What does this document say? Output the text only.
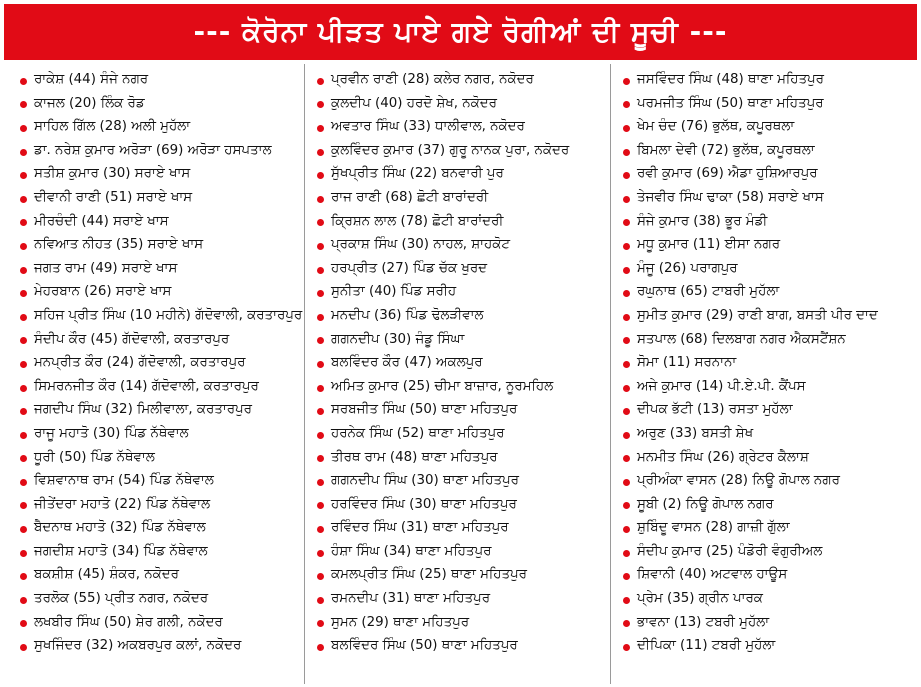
--- ਕੋਰੋਨਾ ਪੀੜਤ ਪਾਏ ਗਏ ਰੋਗੀਆਂ ਦੀ ਸੂਚੀ ---
ਰਾਕੇਸ਼ (44) ਸੰਜੇ ਨਗਰ
ਕਾਜਲ (20) ਲਿੰਕ ਰੋਡ
ਸਾਹਿਲ ਗਿੱਲ (28) ਅਲੀ ਮੁਹੱਲਾ
ਡਾ. ਨਰੇਸ਼ ਕੁਮਾਰ ਅਰੋੜਾ (69) ਅਰੋੜਾ ਹਸਪਤਾਲ
ਸਤੀਸ਼ ਕੁਮਾਰ (30) ਸਰਾਏ ਖਾਸ
ਦੀਵਾਨੀ ਰਾਣੀ (51) ਸਰਾਏ ਖਾਸ
ਮੀਰਚੰਦੀ (44) ਸਰਾਏ ਖਾਸ
ਨਵਿਆਤ ਨੀਹਤ (35) ਸਰਾਏ ਖਾਸ
ਜਗਤ ਰਾਮ (49) ਸਰਾਏ ਖਾਸ
ਮੇਹਰਬਾਨ (26) ਸਰਾਏ ਖਾਸ
ਸਹਿਜ ਪ੍ਰੀਤ ਸਿੰਘ (10 ਮਹੀਨੇ) ਗੱਦੋਵਾਲੀ, ਕਰਤਾਰਪੁਰ
ਸੰਦੀਪ ਕੌਰ (45) ਗੱਦੋਵਾਲੀ, ਕਰਤਾਰਪੁਰ
ਮਨਪ੍ਰੀਤ ਕੌਰ (24) ਗੱਦੋਵਾਲੀ, ਕਰਤਾਰਪੁਰ
ਸਿਮਰਨਜੀਤ ਕੌਰ (14) ਗੱਦੋਵਾਲੀ, ਕਰਤਾਰਪੁਰ
ਜਗਦੀਪ ਸਿੰਘ (32) ਮਿਲੀਵਾਲਾ, ਕਰਤਾਰਪੁਰ
ਰਾਜੂ ਮਹਾਤੋ (30) ਪਿੰਡ ਨੱਥੇਵਾਲ
ਧੂਰੀ (50) ਪਿੰਡ ਨੱਥੇਵਾਲ
ਵਿਸ਼ਵਾਨਾਥ ਰਾਮ (54) ਪਿੰਡ ਨੱਥੇਵਾਲ
ਜੀਤੇਂਦਰਾ ਮਹਾਤੋ (22) ਪਿੰਡ ਨੱਥੇਵਾਲ
ਬੈਦਨਾਥ ਮਹਾਤੋ (32) ਪਿੰਡ ਨੱਥੇਵਾਲ
ਜਗਦੀਸ਼ ਮਹਾਤੋ (34) ਪਿੰਡ ਨੱਥੇਵਾਲ
ਬਕਸ਼ੀਸ਼ (45) ਸ਼ੰਕਰ, ਨਕੋਦਰ
ਤਰਲੋਕ (55) ਪ੍ਰੀਤ ਨਗਰ, ਨਕੋਦਰ
ਲਖਬੀਰ ਸਿੰਘ (50) ਸ਼ੇਰ ਗਲੀ, ਨਕੋਦਰ
ਸੁਖਜਿੰਦਰ (32) ਅਕਬਰਪੁਰ ਕਲਾਂ, ਨਕੋਦਰ
ਪ੍ਰਵੀਨ ਰਾਣੀ (28) ਕਲੇਰ ਨਗਰ, ਨਕੋਦਰ
ਕੁਲਦੀਪ (40) ਹਰਦੋ ਸ਼ੇਖ, ਨਕੋਦਰ
ਅਵਤਾਰ ਸਿੰਘ (33) ਧਾਲੀਵਾਲ, ਨਕੋਦਰ
ਕੁਲਵਿੰਦਰ ਕੁਮਾਰ (37) ਗੁਰੂ ਨਾਨਕ ਪੁਰਾ, ਨਕੋਦਰ
ਸੁੱਖਪ੍ਰੀਤ ਸਿੰਘ (22) ਬਨਵਾਰੀ ਪੁਰ
ਰਾਜ ਰਾਣੀ (68) ਛੋਟੀ ਬਾਰਾਂਦਰੀ
ਕ੍ਰਿਸ਼ਨ ਲਾਲ (78) ਛੋਟੀ ਬਾਰਾਂਦਰੀ
ਪ੍ਰਕਾਸ਼ ਸਿੰਘ (30) ਨਾਹਲ, ਸ਼ਾਹਕੋਟ
ਹਰਪ੍ਰੀਤ (27) ਪਿੰਡ ਚੱਕ ਖੁਰਦ
ਸੁਨੀਤਾ (40) ਪਿੰਡ ਸਰੀਹ
ਮਨਦੀਪ (36) ਪਿੰਡ ਢੋਲੜੀਵਾਲ
ਗਗਨਦੀਪ (30) ਜੰਡੂ ਸਿੰਘਾ
ਬਲਵਿੰਦਰ ਕੌਰ (47) ਅਕਲਪੁਰ
ਅਮਿਤ ਕੁਮਾਰ (25) ਚੀਮਾ ਬਾਜ਼ਾਰ, ਨੂਰਮਹਿਲ
ਸਰਬਜੀਤ ਸਿੰਘ (50) ਥਾਣਾ ਮਹਿਤਪੁਰ
ਹਰਨੇਕ ਸਿੰਘ (52) ਥਾਣਾ ਮਹਿਤਪੁਰ
ਤੀਰਥ ਰਾਮ (48) ਥਾਣਾ ਮਹਿਤਪੁਰ
ਗਗਨਦੀਪ ਸਿੰਘ (30) ਥਾਣਾ ਮਹਿਤਪੁਰ
ਹਰਵਿੰਦਰ ਸਿੰਘ (30) ਥਾਣਾ ਮਹਿਤਪੁਰ
ਰਵਿੰਦਰ ਸਿੰਘ (31) ਥਾਣਾ ਮਹਿਤਪੁਰ
ਹੰਸ਼ਾ ਸਿੰਘ (34) ਥਾਣਾ ਮਹਿਤਪੁਰ
ਕਮਲਪ੍ਰੀਤ ਸਿੰਘ (25) ਥਾਣਾ ਮਹਿਤਪੁਰ
ਰਮਨਦੀਪ (31) ਥਾਣਾ ਮਹਿਤਪੁਰ
ਸੁਮਨ (29) ਥਾਣਾ ਮਹਿਤਪੁਰ
ਬਲਵਿੰਦਰ ਸਿੰਘ (50) ਥਾਣਾ ਮਹਿਤਪੁਰ
ਜਸਵਿੰਦਰ ਸਿੰਘ (48) ਥਾਣਾ ਮਹਿਤਪੁਰ
ਪਰਮਜੀਤ ਸਿੰਘ (50) ਥਾਣਾ ਮਹਿਤਪੁਰ
ਖੇਮ ਚੰਦ (76) ਭੁਲੱਥ, ਕਪੂਰਥਲਾ
ਬਿਮਲਾ ਦੇਵੀ (72) ਭੁਲੱਥ, ਕਪੂਰਥਲਾ
ਰਵੀ ਕੁਮਾਰ (69) ਐਡਾ ਹੁਸ਼ਿਆਰਪੁਰ
ਤੇਜਵੀਰ ਸਿੰਘ ਢਾਕਾ (58) ਸਰਾਏ ਖਾਸ
ਸੰਜੇ ਕੁਮਾਰ (38) ਭੂਰ ਮੰਡੀ
ਮਧੂ ਕੁਮਾਰ (11) ਈਸਾ ਨਗਰ
ਮੰਜੂ (26) ਪਰਾਗਪੁਰ
ਰਘੁਨਾਥ (65) ਟਾਬਰੀ ਮੁਹੱਲਾ
ਸੁਮੀਤ ਕੁਮਾਰ (29) ਰਾਣੀ ਬਾਗ, ਬਸਤੀ ਪੀਰ ਦਾਦ
ਸਤਪਾਲ (68) ਦਿਲਬਾਗ ਨਗਰ ਐਕਸਟੈਂਸ਼ਨ
ਸੋਮਾ (11) ਸਰਨਾਨਾ
ਅਜੇ ਕੁਮਾਰ (14) ਪੀ.ਏ.ਪੀ. ਕੈਂਪਸ
ਦੀਪਕ ਭੱਟੀ (13) ਰਸਤਾ ਮੁਹੱਲਾ
ਅਰੁਣ (33) ਬਸਤੀ ਸ਼ੇਖ
ਮਨਮੀਤ ਸਿੰਘ (26) ਗ੍ਰੇਟਰ ਕੈਲਾਸ਼
ਪ੍ਰੀਅੰਕਾ ਵਾਸਨ (28) ਨਿਊ ਗੋਪਾਲ ਨਗਰ
ਸੂਬੀ (2) ਨਿਊ ਗੋਪਾਲ ਨਗਰ
ਸ਼ੁਬਿੰਦੂ ਵਾਸਨ (28) ਗਾਜ਼ੀ ਗੁੱਲਾ
ਸੰਦੀਪ ਕੁਮਾਰ (25) ਪੰਡੋਰੀ ਵੰਗੁਰੀਅਲ
ਸ਼ਿਵਾਨੀ (40) ਅਟਵਾਲ ਹਾਊਸ
ਪ੍ਰੇਮ (35) ਗ੍ਰੀਨ ਪਾਰਕ
ਭਾਵਨਾ (13) ਟਬਰੀ ਮੁਹੱਲਾ
ਦੀਪਿਕਾ (11) ਟਬਰੀ ਮੁਹੱਲਾ
